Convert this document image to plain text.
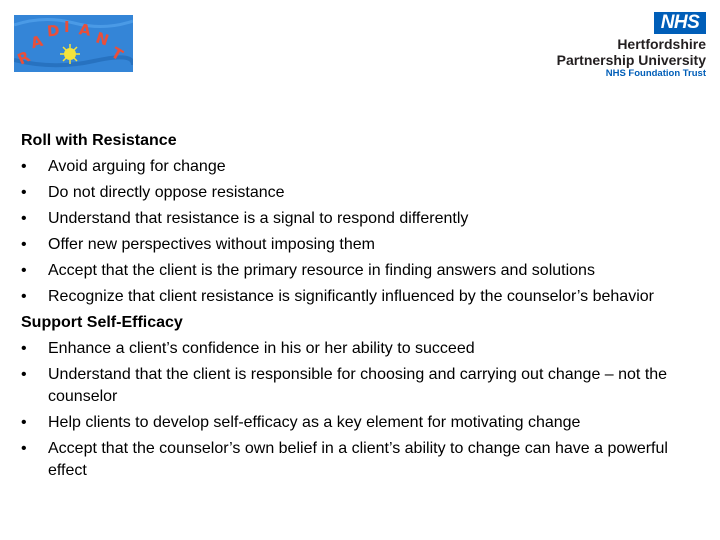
R
A
D I A N
T
NHS
Hertfordshire
Partnership University
NHS Foundation Trust
Roll with Resistance
• Avoid arguing for change
• Do not directly oppose resistance
• Understand that resistance is a signal to respond differently
• Offer new perspectives without imposing them
• Accept that the client is the primary resource in finding answers and solutions
• Recognize that client resistance is significantly influenced by the counselor’s behavior
Support Self-Efficacy
• Enhance a client’s confidence in his or her ability to succeed
• Understand that the client is responsible for choosing and carrying out change – not the counselor
• Help clients to develop self-efficacy as a key element for motivating change
• Accept that the counselor’s own belief in a client’s ability to change can have a powerful effect
